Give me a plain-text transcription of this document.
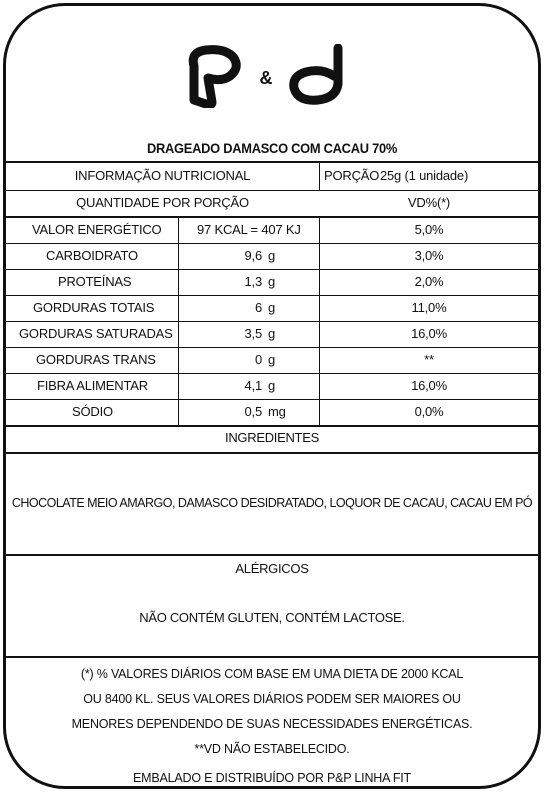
&
DRAGEADO DAMASCO COM CACAU 70%
INFORMAÇÃO NUTRICIONAL	PORÇÃO 25g (1 unidade)
QUANTIDADE POR PORÇÃO	VD%(*)
VALOR ENERGÉTICO	97 KCAL = 407 KJ	5,0%
CARBOIDRATO	9,6 g	3,0%
PROTEÍNAS	1,3 g	2,0%
GORDURAS TOTAIS	6 g	11,0%
GORDURAS SATURADAS	3,5 g	16,0%
GORDURAS TRANS	0 g	**
FIBRA ALIMENTAR	4,1 g	16,0%
SÓDIO	0,5 mg	0,0%
INGREDIENTES
CHOCOLATE MEIO AMARGO, DAMASCO DESIDRATADO, LOQUOR DE CACAU, CACAU EM PÓ
ALÉRGICOS
NÃO CONTÉM GLUTEN, CONTÉM LACTOSE.
(*) % VALORES DIÁRIOS COM BASE EM UMA DIETA DE 2000 KCAL
OU 8400 KL. SEUS VALORES DIÁRIOS PODEM SER MAIORES OU
MENORES DEPENDENDO DE SUAS NECESSIDADES ENERGÉTICAS.
**VD NÃO ESTABELECIDO.
EMBALADO E DISTRIBUÍDO POR P&P LINHA FIT
